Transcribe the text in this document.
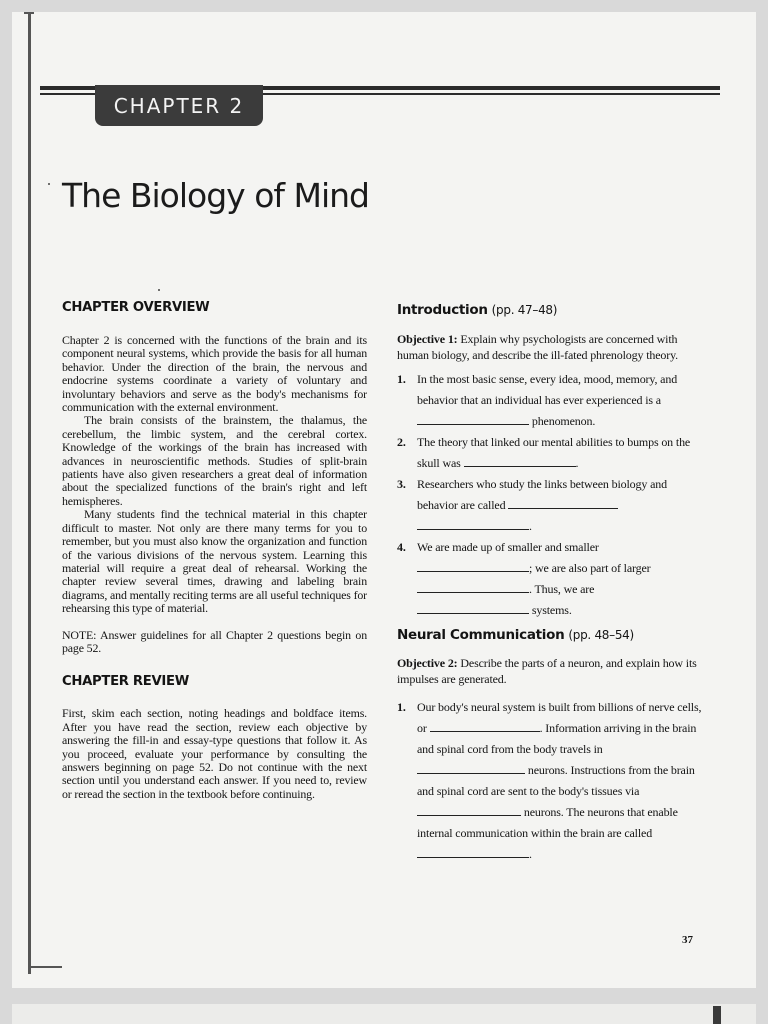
CHAPTER 2
The Biology of Mind
CHAPTER OVERVIEW

Chapter 2 is concerned with the functions of the brain and its component neural systems, which provide the basis for all human behavior. Under the direction of the brain, the nervous and endocrine systems coordinate a variety of voluntary and involuntary behaviors and serve as the body's mechanisms for communication with the external environment.

The brain consists of the brainstem, the thalamus, the cerebellum, the limbic system, and the cerebral cortex. Knowledge of the workings of the brain has increased with advances in neuroscientific methods. Studies of split-brain patients have also given researchers a great deal of information about the specialized functions of the brain's right and left hemispheres.

Many students find the technical material in this chapter difficult to master. Not only are there many terms for you to remember, but you must also know the organization and function of the various divisions of the nervous system. Learning this material will require a great deal of rehearsal. Working the chapter review several times, drawing and labeling brain diagrams, and mentally reciting terms are all useful techniques for rehearsing this type of material.

NOTE: Answer guidelines for all Chapter 2 questions begin on page 52.

CHAPTER REVIEW

First, skim each section, noting headings and boldface items. After you have read the section, review each objective by answering the fill-in and essay-type questions that follow it. As you proceed, evaluate your performance by consulting the answers beginning on page 52. Do not continue with the next section until you understand each answer. If you need to, review or reread the section in the textbook before continuing.

Introduction (pp. 47–48)

Objective 1: Explain why psychologists are concerned with human biology, and describe the ill-fated phrenology theory.

1. In the most basic sense, every idea, mood, memory, and behavior that an individual has ever experienced is a  phenomenon.

2. The theory that linked our mental abilities to bumps on the skull was	.

3. Researchers who study the links between biology and behavior are called  .

4. We are made up of smaller and smaller ; we are also part of larger . Thus, we are  systems.

Neural Communication (pp. 48–54)

Objective 2: Describe the parts of a neuron, and explain how its impulses are generated.

1. Our body's neural system is built from billions of nerve cells, or	. Information arriving in the brain and spinal cord from the body travels in  neurons. Instructions from the brain and spinal cord are sent to the body's tissues via  neurons. The neurons that enable internal communication within the brain are called .

37
